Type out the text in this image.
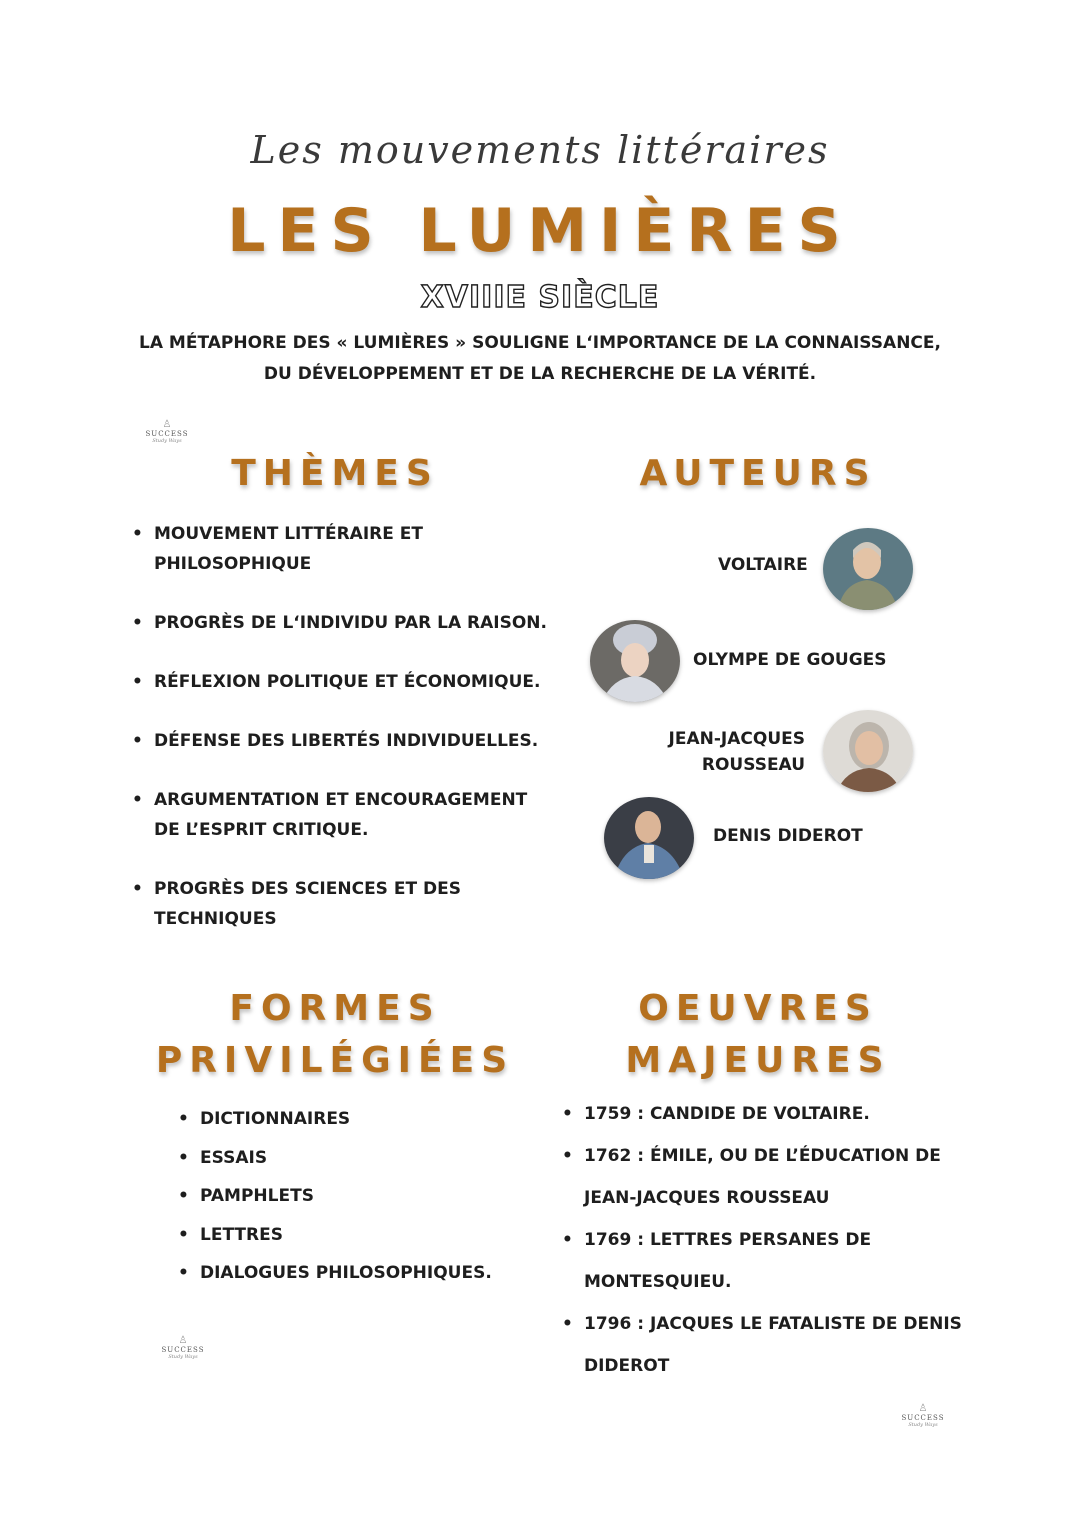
Les mouvements littéraires
LES LUMIÈRES
XVIIIE SIÈCLE
LA MÉTAPHORE DES « LUMIÈRES » SOULIGNE L‘IMPORTANCE DE LA CONNAISSANCE,
DU DÉVELOPPEMENT ET DE LA RECHERCHE DE LA VÉRITÉ.
♙
SUCCESS
Study Ways
♙
SUCCESS
Study Ways
♙
SUCCESS
Study Ways
THÈMES
• MOUVEMENT LITTÉRAIRE ET PHILOSOPHIQUE
• PROGRÈS DE L‘INDIVIDU PAR LA RAISON.
• RÉFLEXION POLITIQUE ET ÉCONOMIQUE.
• DÉFENSE DES LIBERTÉS INDIVIDUELLES.
• ARGUMENTATION ET ENCOURAGEMENT DE L’ESPRIT CRITIQUE.
• PROGRÈS DES SCIENCES ET DES TECHNIQUES
AUTEURS
VOLTAIRE
OLYMPE DE GOUGES
JEAN-JACQUES
ROUSSEAU
DENIS DIDEROT
FORMES
PRIVILÉGIÉES
• DICTIONNAIRES
• ESSAIS
• PAMPHLETS
• LETTRES
• DIALOGUES PHILOSOPHIQUES.
OEUVRES
MAJEURES
• 1759 : CANDIDE DE VOLTAIRE.
• 1762 : ÉMILE, OU DE L’ÉDUCATION DE JEAN-JACQUES ROUSSEAU
• 1769 : LETTRES PERSANES DE MONTESQUIEU.
• 1796 : JACQUES LE FATALISTE DE DENIS DIDEROT
